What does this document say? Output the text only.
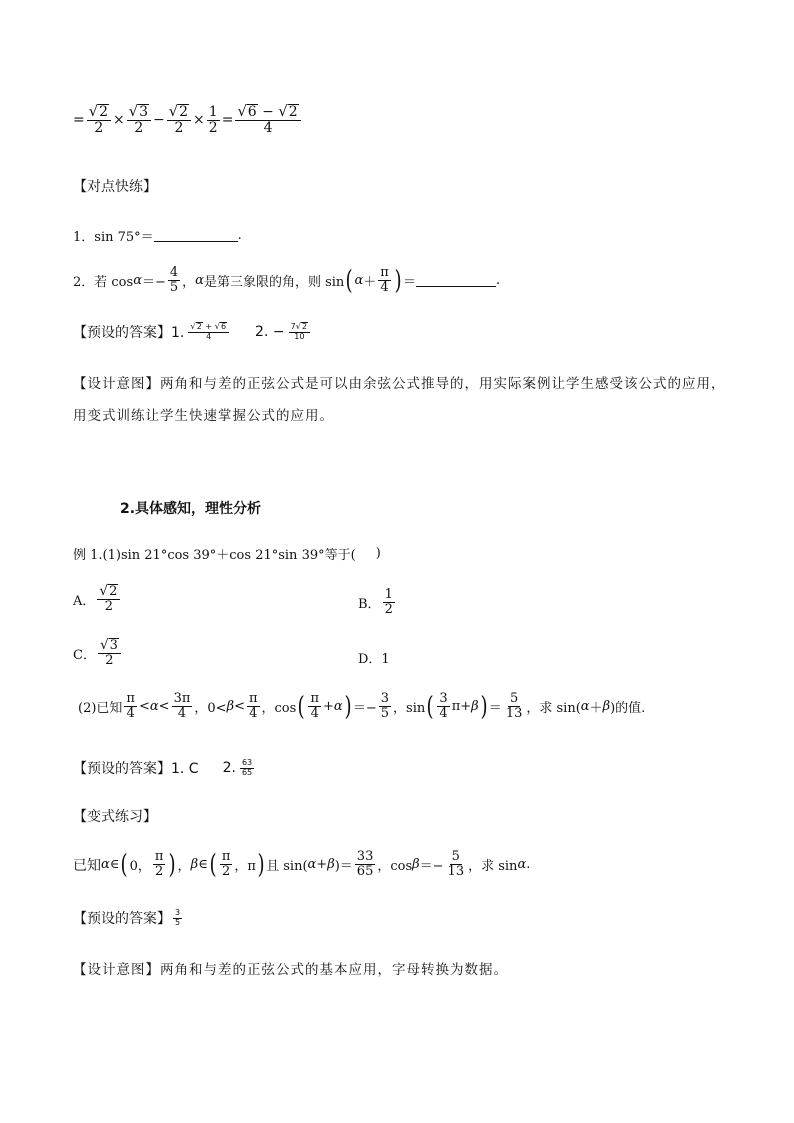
= $\frac{√ 2}{2} \times \frac{√ 3}{2} - \frac{√ 2}{2} \times \frac{1}{2} = \frac{√ 6 - √ 2}{4}$
【对点快练】
1．sin 75°＝	.
2．若 $\cos \alpha =- \frac{4}{5}$ ， α 是第三象限的角，则 sin ( $\alpha + \frac{\pi}{4}$ ) ＝	.
【预设的答案】1. $\frac{√ 2 + √ 6}{4} 2$. − $\frac{7 √ 2}{10}$
【设计意图】两角和与差的正弦公式是可以由余弦公式推导的，用实际案例让学生感受该公式的应用，用变式训练让学生快速掌握公式的应用。
2.具体感知，理性分析
例 1.(1)sin 21°cos 39°＋cos 21°sin 39°等于( )
A． $\frac{√ 2}{2}$	B． $\frac{1}{2}$
C． $\frac{√ 3}{2}$	D．1
(2)已知 $\frac{\pi}{4} < \alpha < \frac{3\pi}{4}$ ，$0< \beta < \frac{\pi}{4}$ ，cos ( $\frac{\pi}{4} + \alpha$ ) ＝− $\frac{3}{5}$ ，sin ( $\frac{3}{4} \pi+ \beta$ ) ＝ $\frac{5}{13}$ ，求 sin( α ＋ β )的值.
【预设的答案】1. C 2. $\frac{63}{65}$
【变式练习】
已知 α ∈ ( 0， $\frac{\pi}{2}$ ) ， β ∈ ( $\frac{\pi}{2}$ ，π ) 且 sin( α + β )＝ $\frac{33}{65}$ ，$\cos \beta =- \frac{5}{13}$ ，求 sin α .
【预设的答案】 $\frac{3}{5}$
【设计意图】两角和与差的正弦公式的基本应用，字母转换为数据。
